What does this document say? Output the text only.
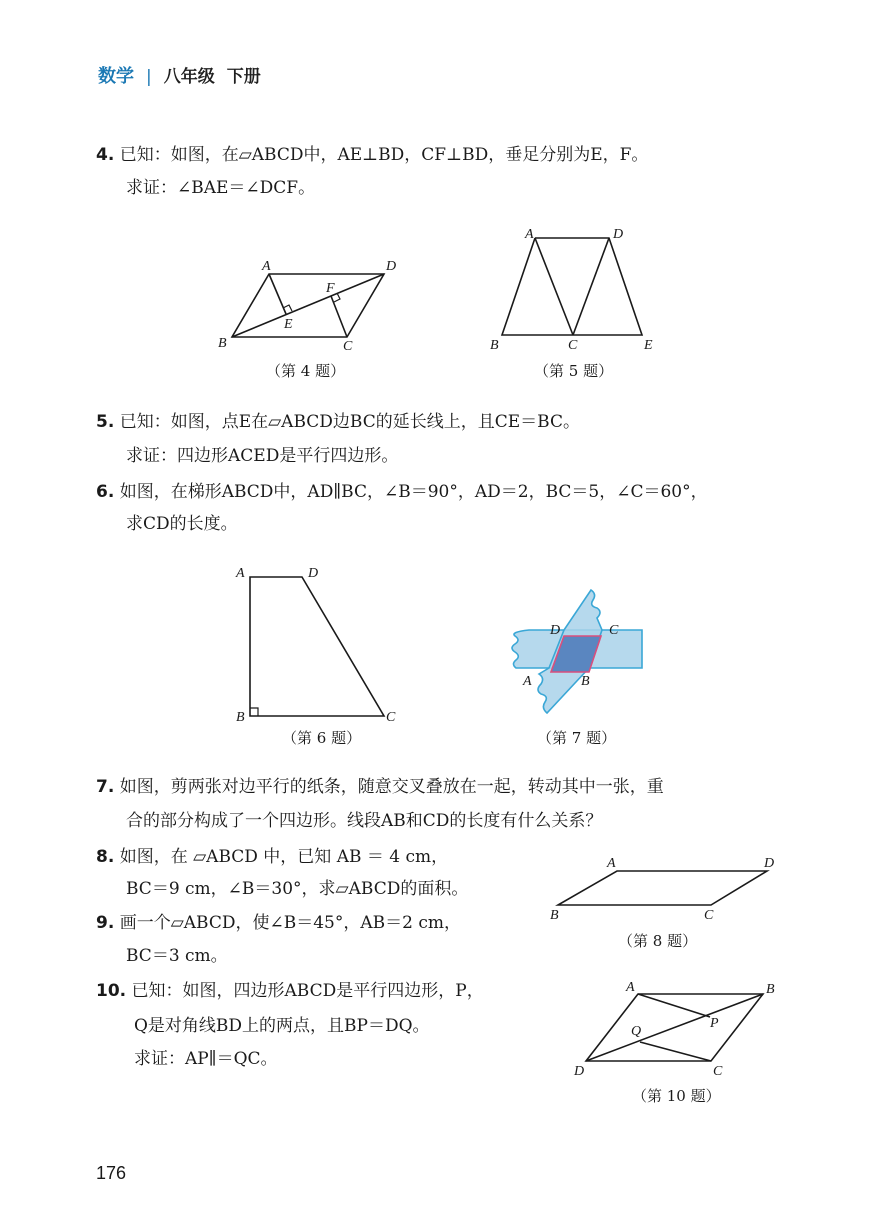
数学 | 八年级 下册
4. 已知：如图，在▱ABCD中，AE⊥BD，CF⊥BD，垂足分别为E，F。
求证：∠BAE＝∠DCF。
A	D
B	C
E
F
（第 4 题）
A	D
B	C	E
（第 5 题）
5. 已知：如图，点E在▱ABCD边BC的延长线上，且CE＝BC。
求证：四边形ACED是平行四边形。
6. 如图，在梯形ABCD中，AD∥BC，∠B＝90°，AD＝2，BC＝5，∠C＝60°，
求CD的长度。
A	D
B	C
（第 6 题）
D	C
A	B
（第 7 题）
7. 如图，剪两张对边平行的纸条，随意交叉叠放在一起，转动其中一张，重
合的部分构成了一个四边形。线段AB和CD的长度有什么关系？
8. 如图，在 ▱ABCD 中，已知 AB ＝ 4 cm，
BC＝9 cm，∠B＝30°，求▱ABCD的面积。
A	D
B	C
（第 8 题）
9. 画一个▱ABCD，使∠B＝45°，AB＝2 cm，
BC＝3 cm。
10. 已知：如图，四边形ABCD是平行四边形，P，
Q是对角线BD上的两点，且BP＝DQ。
求证：AP∥＝QC。
A	B
D	C
P
Q
（第 10 题）
176
